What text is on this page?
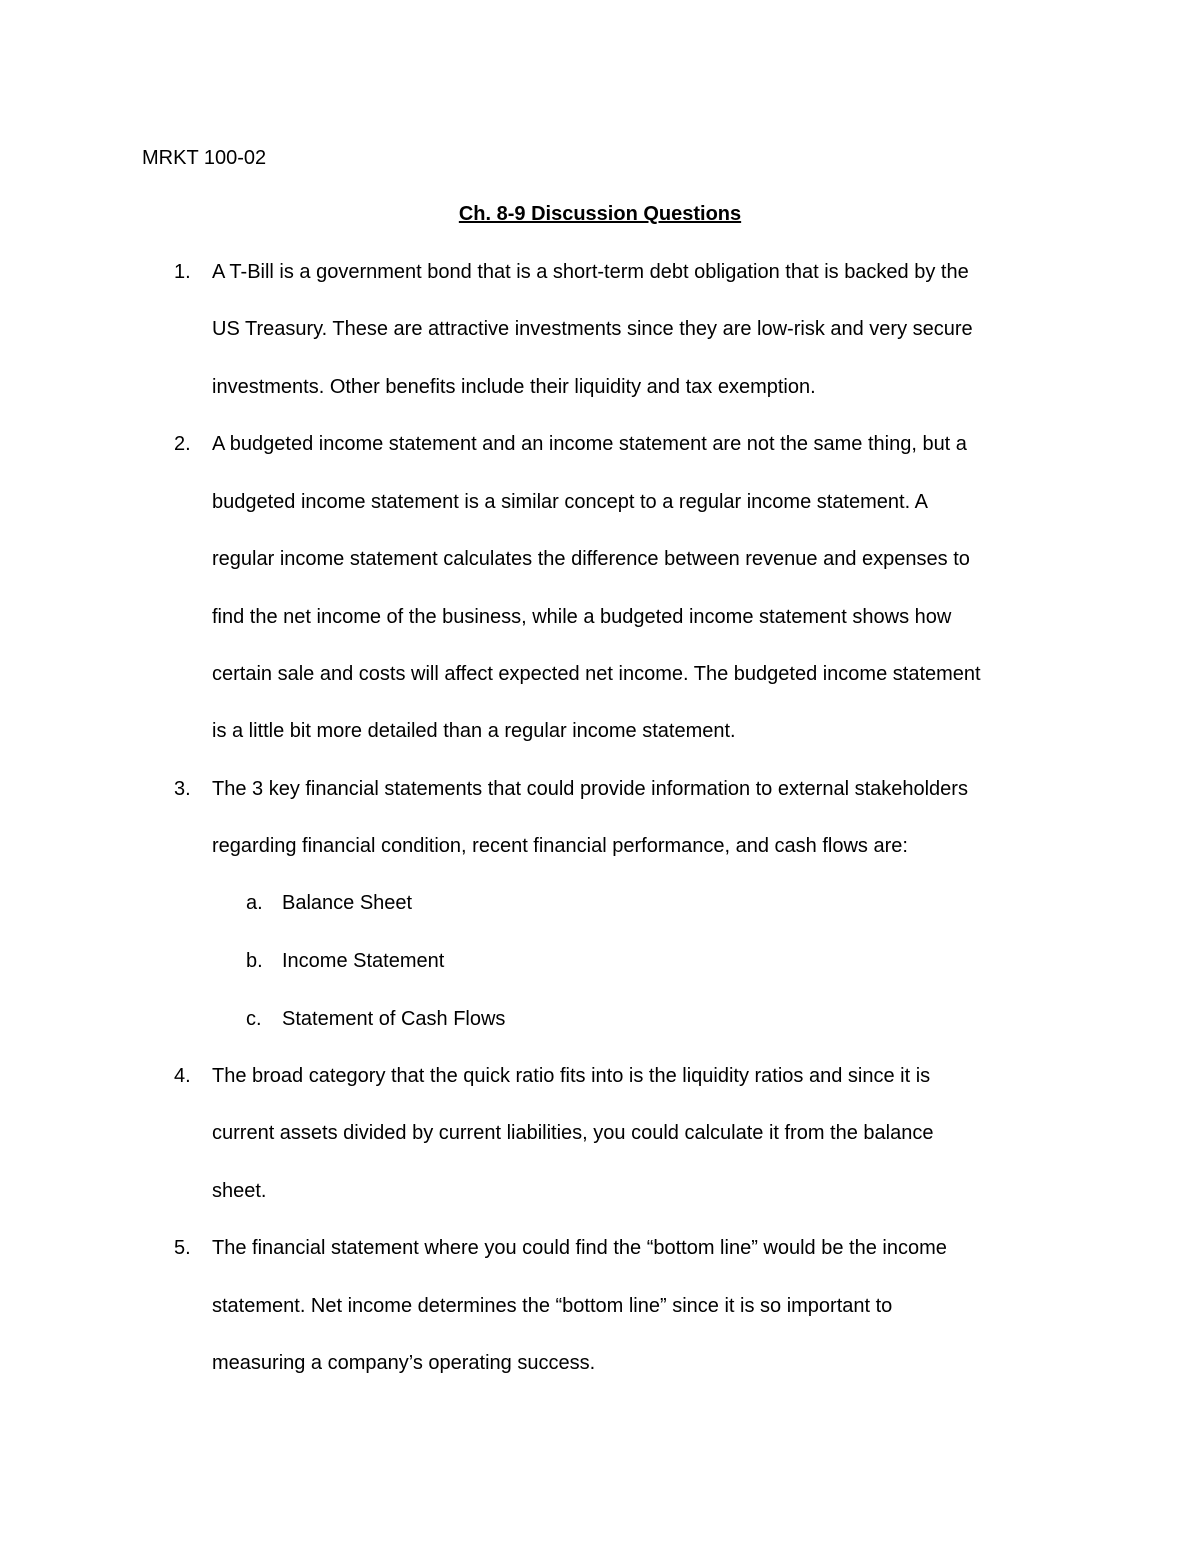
MRKT 100-02
Ch. 8-9 Discussion Questions
1. A T-Bill is a government bond that is a short-term debt obligation that is backed by the
US Treasury. These are attractive investments since they are low-risk and very secure
investments. Other benefits include their liquidity and tax exemption.
2. A budgeted income statement and an income statement are not the same thing, but a
budgeted income statement is a similar concept to a regular income statement. A
regular income statement calculates the difference between revenue and expenses to
find the net income of the business, while a budgeted income statement shows how
certain sale and costs will affect expected net income. The budgeted income statement
is a little bit more detailed than a regular income statement.
3. The 3 key financial statements that could provide information to external stakeholders
regarding financial condition, recent financial performance, and cash flows are:
a. Balance Sheet
b. Income Statement
c. Statement of Cash Flows
4. The broad category that the quick ratio fits into is the liquidity ratios and since it is
current assets divided by current liabilities, you could calculate it from the balance
sheet.
5. The financial statement where you could find the “bottom line” would be the income
statement. Net income determines the “bottom line” since it is so important to
measuring a company’s operating success.
